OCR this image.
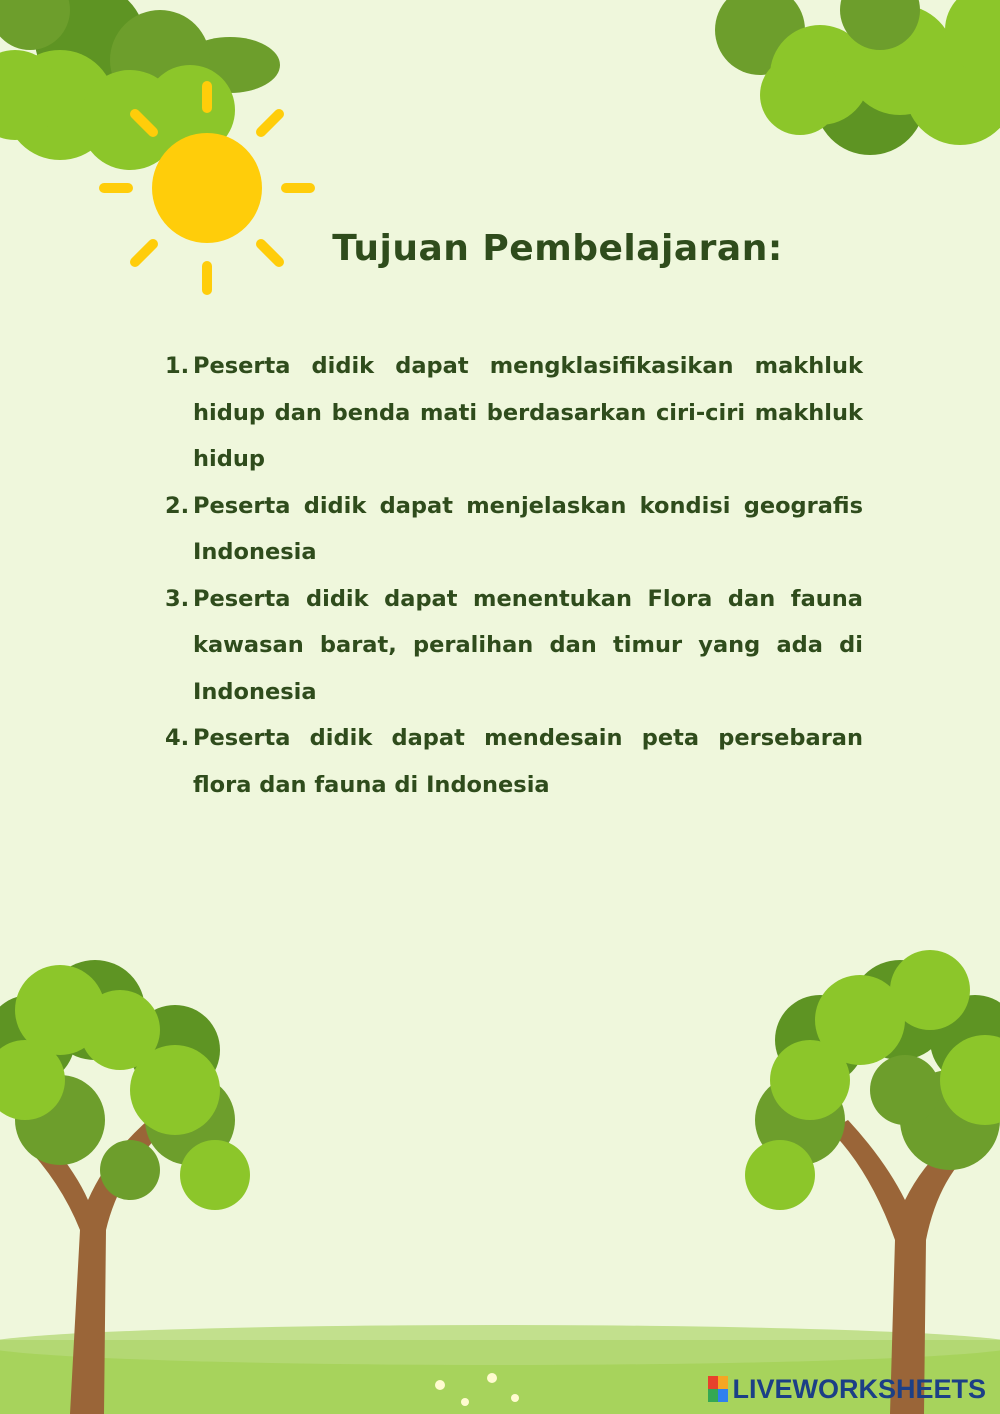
Tujuan Pembelajaran:
1. Peserta didik dapat mengklasifikasikan makhluk hidup dan benda mati berdasarkan ciri-ciri makhluk hidup
2. Peserta didik dapat menjelaskan kondisi geografis Indonesia
3. Peserta didik dapat menentukan Flora dan fauna kawasan barat, peralihan dan timur yang ada di Indonesia
4. Peserta didik dapat mendesain peta persebaran flora dan fauna di Indonesia
LIVEWORKSHEETS
